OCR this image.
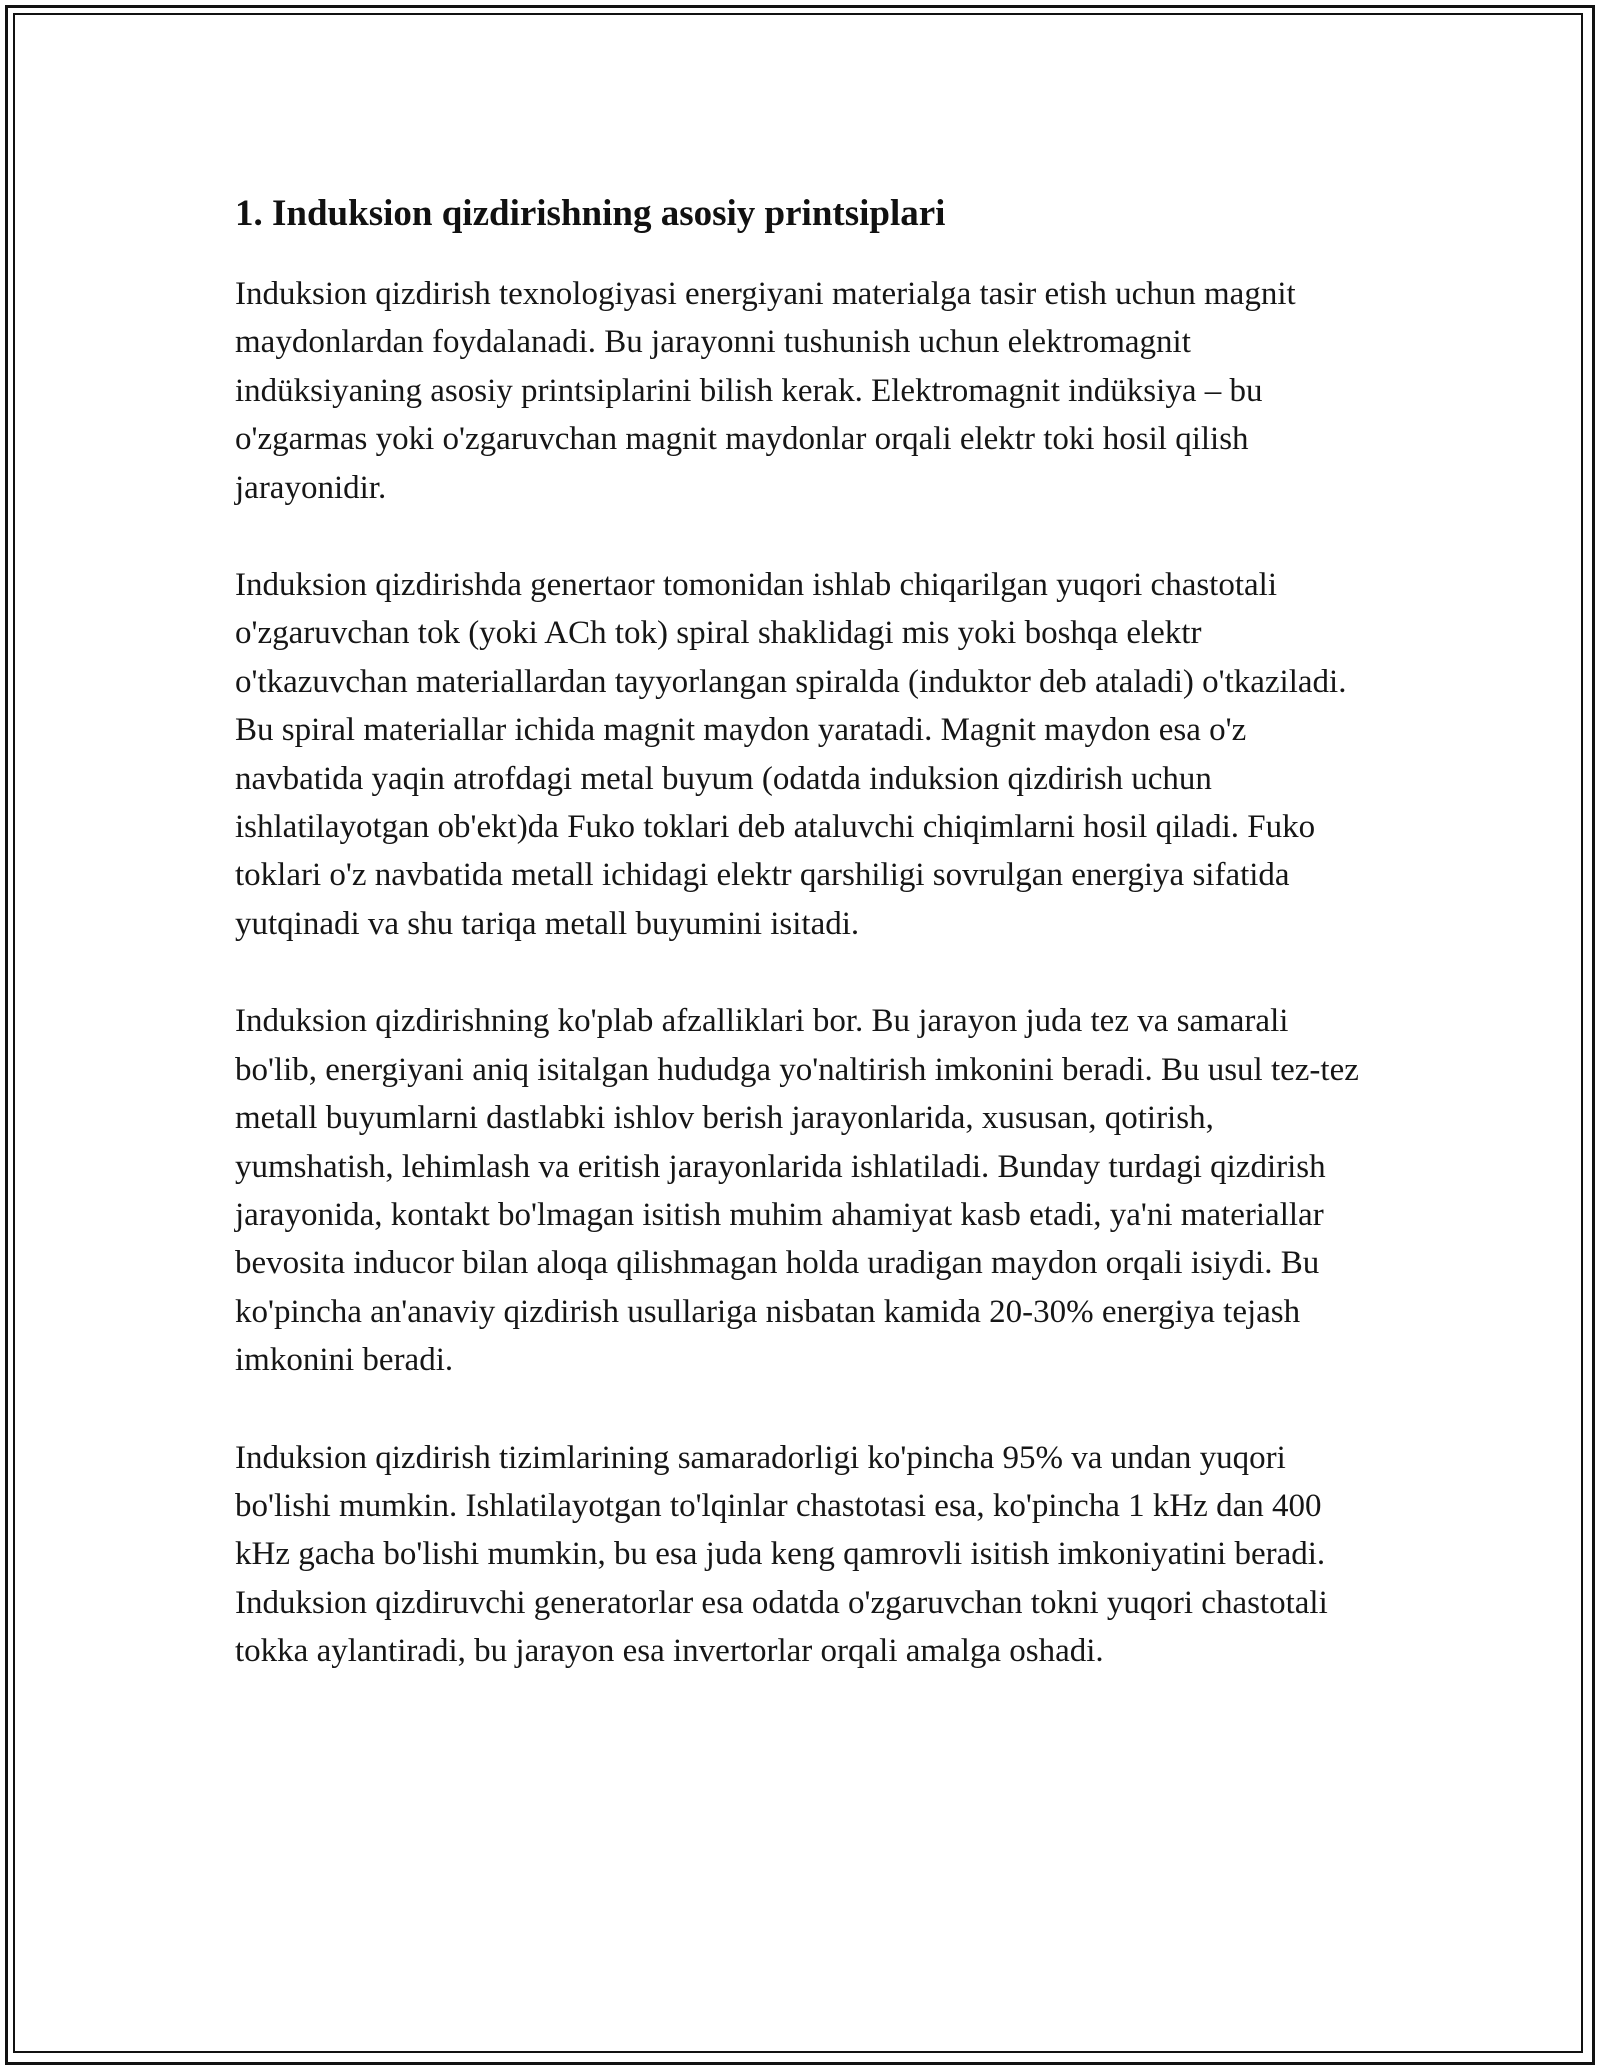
1. Induksion qizdirishning asosiy printsiplari

Induksion qizdirish texnologiyasi energiyani materialga tasir etish uchun magnit maydonlardan foydalanadi. Bu jarayonni tushunish uchun elektromagnit indüksiyaning asosiy printsiplarini bilish kerak. Elektromagnit indüksiya – bu o'zgarmas yoki o'zgaruvchan magnit maydonlar orqali elektr toki hosil qilish jarayonidir.

Induksion qizdirishda genertaor tomonidan ishlab chiqarilgan yuqori chastotali o'zgaruvchan tok (yoki ACh tok) spiral shaklidagi mis yoki boshqa elektr o'tkazuvchan materiallardan tayyorlangan spiralda (induktor deb ataladi) o'tkaziladi. Bu spiral materiallar ichida magnit maydon yaratadi. Magnit maydon esa o'z navbatida yaqin atrofdagi metal buyum (odatda induksion qizdirish uchun ishlatilayotgan ob'ekt)da Fuko toklari deb ataluvchi chiqimlarni hosil qiladi. Fuko toklari o'z navbatida metall ichidagi elektr qarshiligi sovrulgan energiya sifatida yutqinadi va shu tariqa metall buyumini isitadi.

Induksion qizdirishning ko'plab afzalliklari bor. Bu jarayon juda tez va samarali bo'lib, energiyani aniq isitalgan hududga yo'naltirish imkonini beradi. Bu usul tez-tez metall buyumlarni dastlabki ishlov berish jarayonlarida, xususan, qotirish, yumshatish, lehimlash va eritish jarayonlarida ishlatiladi. Bunday turdagi qizdirish jarayonida, kontakt bo'lmagan isitish muhim ahamiyat kasb etadi, ya'ni materiallar bevosita inducor bilan aloqa qilishmagan holda uradigan maydon orqali isiydi. Bu ko'pincha an'anaviy qizdirish usullariga nisbatan kamida 20-30% energiya tejash imkonini beradi.

Induksion qizdirish tizimlarining samaradorligi ko'pincha 95% va undan yuqori bo'lishi mumkin. Ishlatilayotgan to'lqinlar chastotasi esa, ko'pincha 1 kHz dan 400 kHz gacha bo'lishi mumkin, bu esa juda keng qamrovli isitish imkoniyatini beradi. Induksion qizdiruvchi generatorlar esa odatda o'zgaruvchan tokni yuqori chastotali tokka aylantiradi, bu jarayon esa invertorlar orqali amalga oshadi.
